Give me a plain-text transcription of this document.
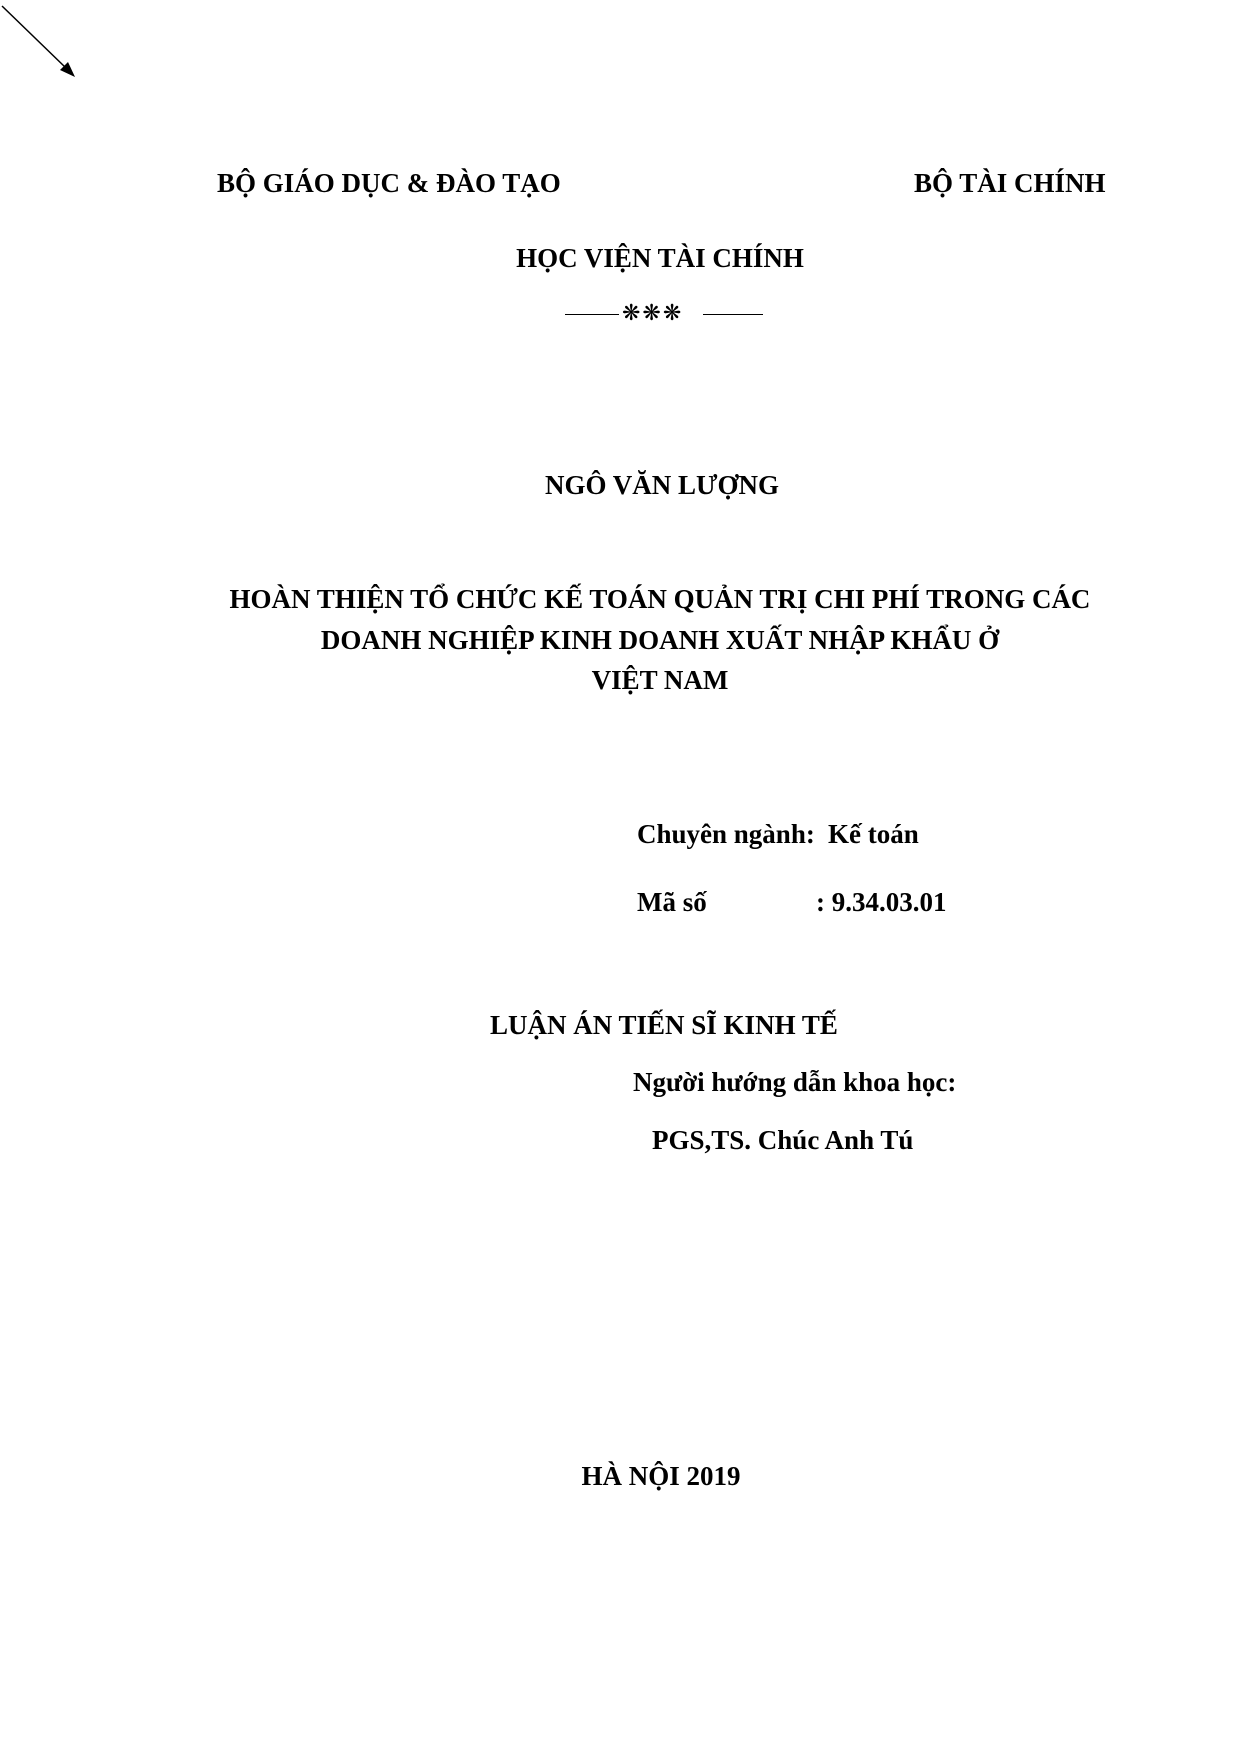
BỘ GIÁO DỤC & ĐÀO TẠO	BỘ TÀI CHÍNH
HỌC VIỆN TÀI CHÍNH
❋❋❋
NGÔ VĂN LƯỢNG
HOÀN THIỆN TỔ CHỨC KẾ TOÁN QUẢN TRỊ CHI PHÍ TRONG CÁC
DOANH NGHIỆP KINH DOANH XUẤT NHẬP KHẨU Ở
VIỆT NAM
Chuyên ngành: Kế toán
Mã số	: 9.34.03.01
LUẬN ÁN TIẾN SĨ KINH TẾ
Người hướng dẫn khoa học:
PGS,TS. Chúc Anh Tú
HÀ NỘI 2019
